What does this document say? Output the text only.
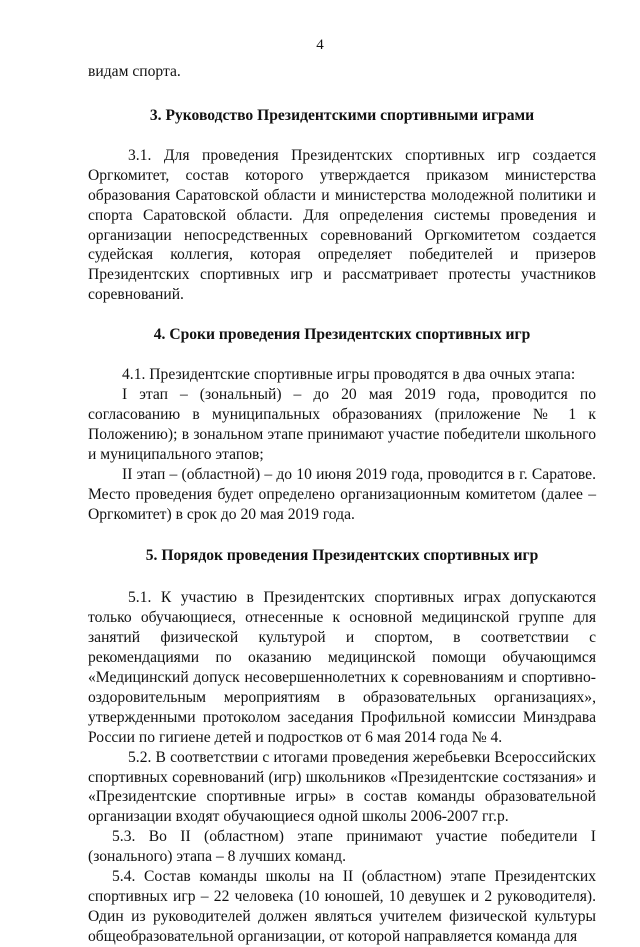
4

видам спорта.

3. Руководство Президентскими спортивными играми

3.1. Для проведения Президентских спортивных игр создается Оргкомитет, состав которого утверждается приказом министерства образования Саратовской области и министерства молодежной политики и спорта Саратовской области. Для определения системы проведения и организации непосредственных соревнований Оргкомитетом создается судейская коллегия, которая определяет победителей и призеров Президентских спортивных игр и рассматривает протесты участников соревнований.

4. Сроки проведения Президентских спортивных игр

4.1. Президентские спортивные игры проводятся в два очных этапа:

I этап – (зональный) – до 20 мая 2019 года, проводится по согласованию в муниципальных образованиях (приложение № 1 к Положению); в зональном этапе принимают участие победители школьного и муниципального этапов;

II этап – (областной) – до 10 июня 2019 года, проводится в г. Саратове. Место проведения будет определено организационным комитетом (далее – Оргкомитет) в срок до 20 мая 2019 года.

5. Порядок проведения Президентских спортивных игр

5.1. К участию в Президентских спортивных играх допускаются только обучающиеся, отнесенные к основной медицинской группе для занятий физической культурой и спортом, в соответствии с рекомендациями по оказанию медицинской помощи обучающимся «Медицинский допуск несовершеннолетних к соревнованиям и спортивно-оздоровительным мероприятиям в образовательных организациях», утвержденными протоколом заседания Профильной комиссии Минздрава России по гигиене детей и подростков от 6 мая 2014 года № 4.

5.2. В соответствии с итогами проведения жеребьевки Всероссийских спортивных соревнований (игр) школьников «Президентские состязания» и «Президентские спортивные игры» в состав команды образовательной организации входят обучающиеся одной школы 2006-2007 гг.р.

5.3. Во II (областном) этапе принимают участие победители I (зонального) этапа – 8 лучших команд.

5.4. Состав команды школы на II (областном) этапе Президентских спортивных игр – 22 человека (10 юношей, 10 девушек и 2 руководителя). Один из руководителей должен являться учителем физической культуры общеобразовательной организации, от которой направляется команда для
